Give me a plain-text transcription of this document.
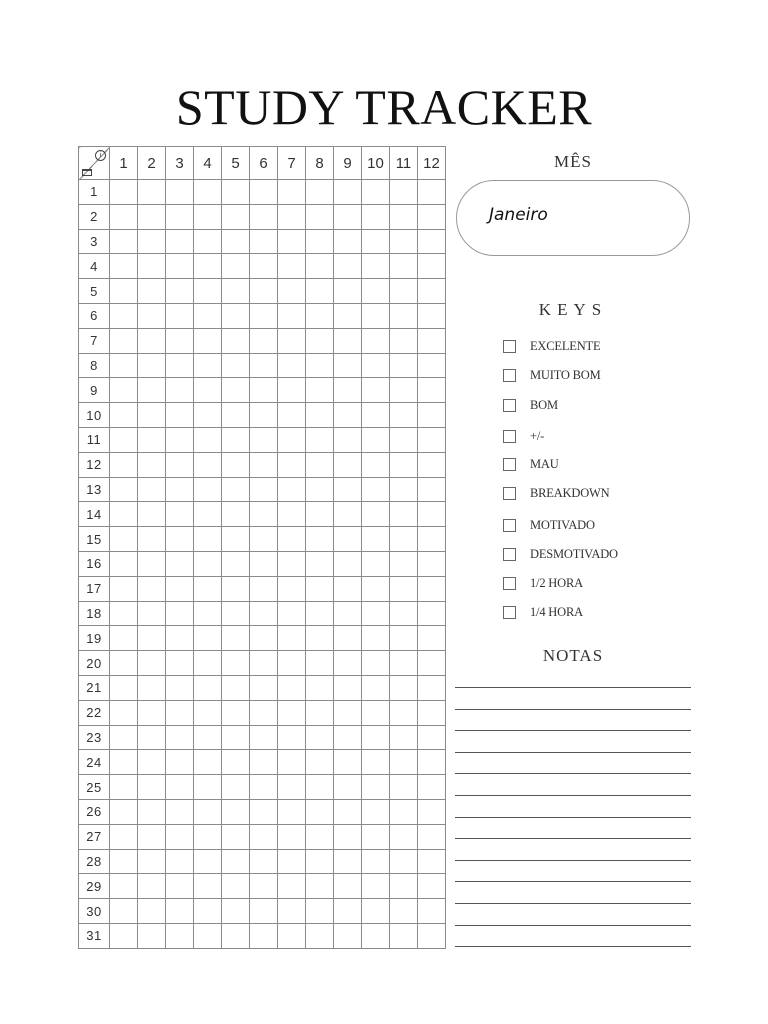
STUDY TRACKER
i	1	2	3	4	5	6	7	8	9	10	11	12
1												
2												
3												
4												
5												
6												
7												
8												
9												
10												
11												
12												
13												
14												
15												
16												
17												
18												
19												
20												
21												
22												
23												
24												
25												
26												
27												
28												
29												
30												
31												
MÊS
Janeiro
KEYS
EXCELENTE
MUITO BOM
BOM
+/-
MAU
BREAKDOWN
MOTIVADO
DESMOTIVADO
1/2 HORA
1/4 HORA
NOTAS
